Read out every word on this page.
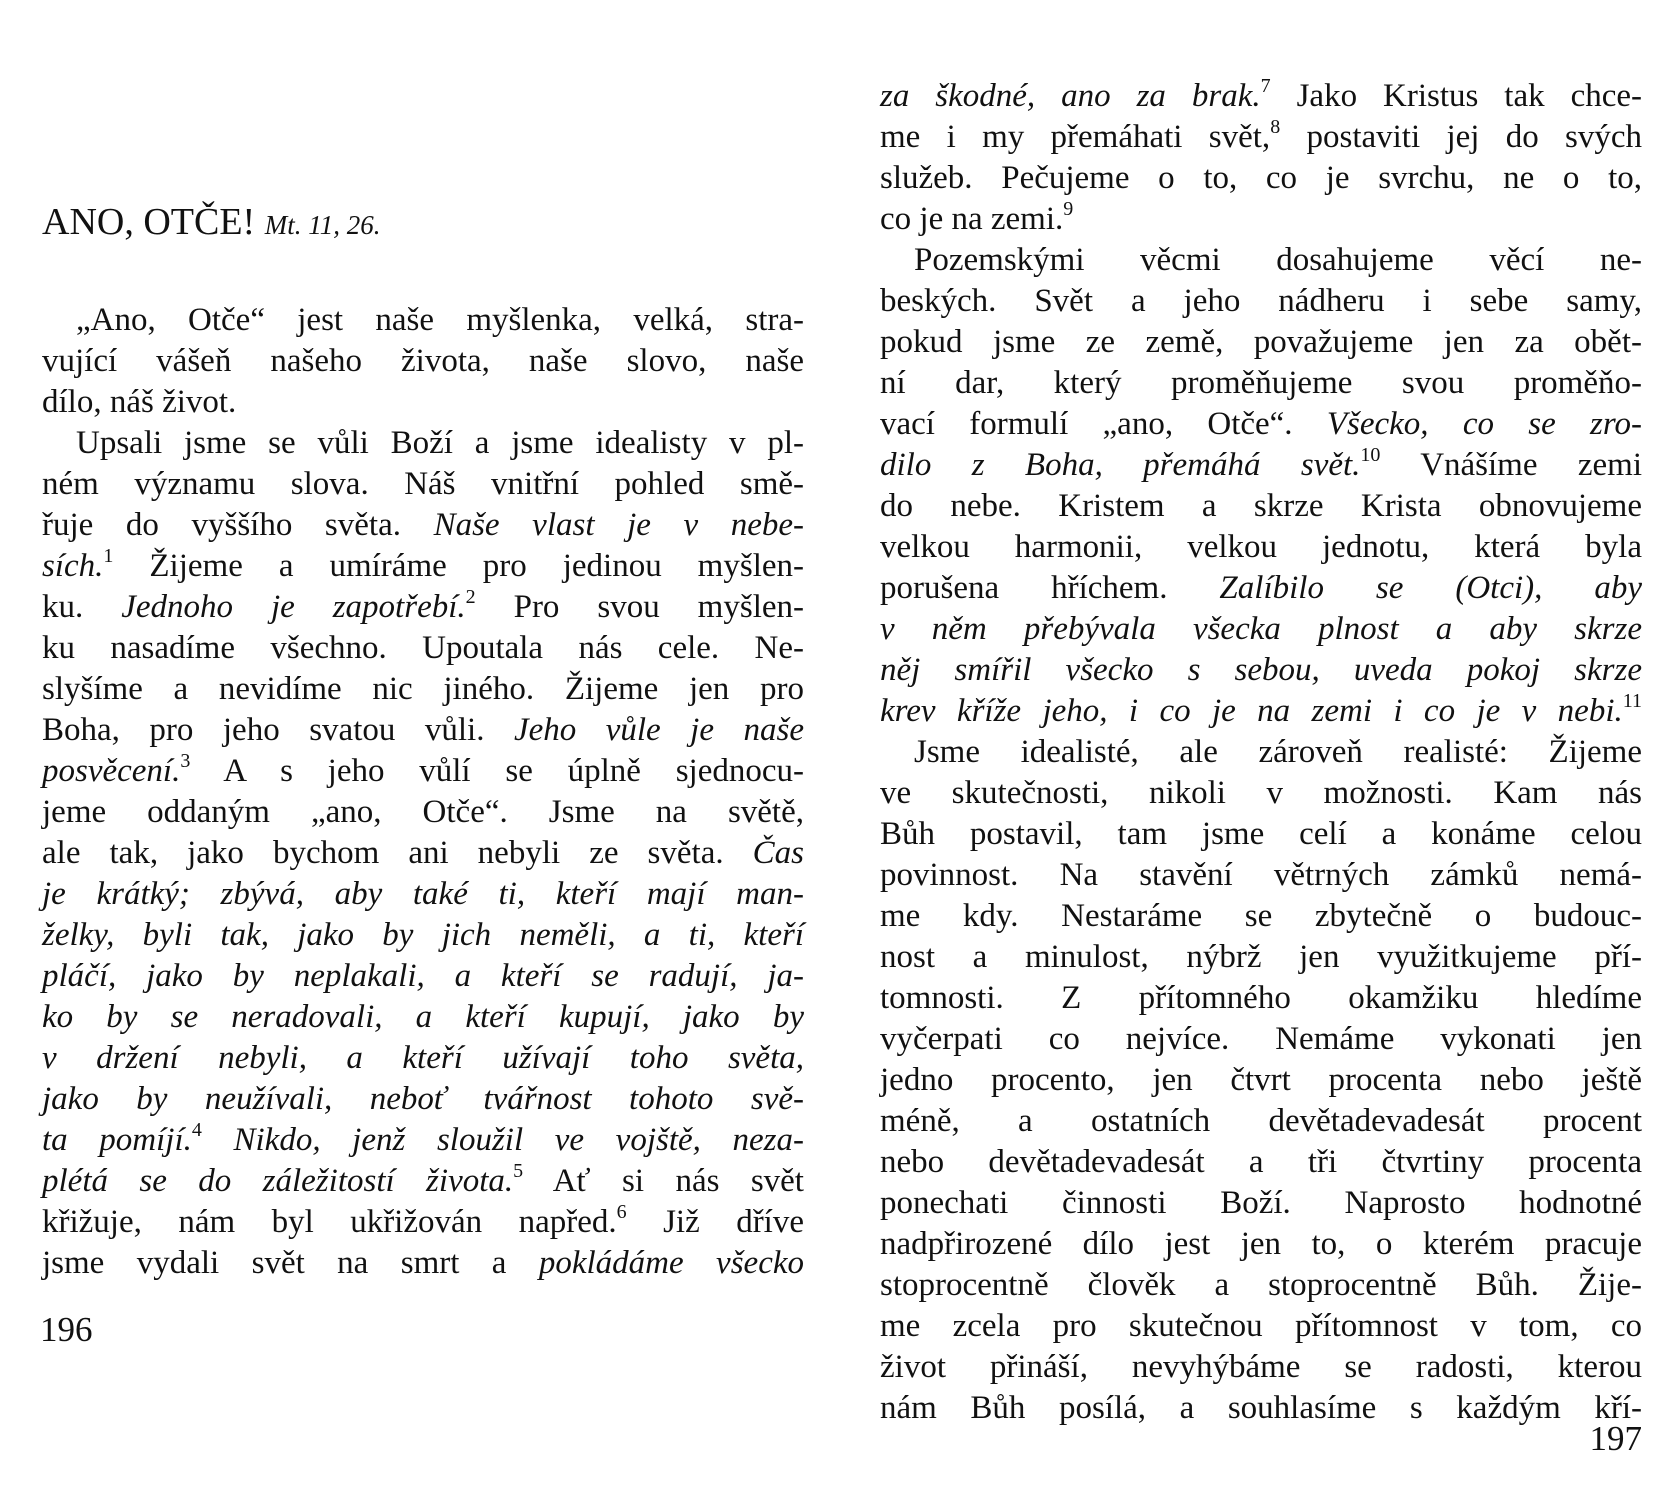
ANO, OTČE! Mt. 11, 26.
„Ano, Otče“ jest naše myšlenka, velká, stra-
vující vášeň našeho života, naše slovo, naše
dílo, náš život.
Upsali jsme se vůli Boží a jsme idealisty v pl-
ném významu slova. Náš vnitřní pohled smě-
řuje do vyššího světa. Naše vlast je v nebe-
sích.$^1$ Žijeme a umíráme pro jedinou myšlen-
ku. Jednoho je zapotřebí.$^2$ Pro svou myšlen-
ku nasadíme všechno. Upoutala nás cele. Ne-
slyšíme a nevidíme nic jiného. Žijeme jen pro
Boha, pro jeho svatou vůli. Jeho vůle je naše
posvěcení.$^3$ A s jeho vůlí se úplně sjednocu-
jeme oddaným „ano, Otče“. Jsme na světě,
ale tak, jako bychom ani nebyli ze světa. Čas
je krátký; zbývá, aby také ti, kteří mají man-
želky, byli tak, jako by jich neměli, a ti, kteří
pláčí, jako by neplakali, a kteří se radují, ja-
ko by se neradovali, a kteří kupují, jako by
v držení nebyli, a kteří užívají toho světa,
jako by neužívali, neboť tvářnost tohoto svě-
ta pomíjí.$^4$ Nikdo, jenž sloužil ve vojště, neza-
plétá se do záležitostí života.$^5$ Ať si nás svět
křižuje, nám byl ukřižován napřed.$^6$ Již dříve
jsme vydali svět na smrt a pokládáme všecko
196
za škodné, ano za brak.$^7$ Jako Kristus tak chce-
me i my přemáhati svět,$^8$ postaviti jej do svých
služeb. Pečujeme o to, co je svrchu, ne o to,
co je na zemi.$^9$
Pozemskými věcmi dosahujeme věcí ne-
beských. Svět a jeho nádheru i sebe samy,
pokud jsme ze země, považujeme jen za obět-
ní dar, který proměňujeme svou proměňo-
vací formulí „ano, Otče“. Všecko, co se zro-
dilo z Boha, přemáhá svět.$^{10}$ Vnášíme zemi
do nebe. Kristem a skrze Krista obnovujeme
velkou harmonii, velkou jednotu, která byla
porušena hříchem. Zalíbilo se (Otci), aby
v něm přebývala všecka plnost a aby skrze
něj smířil všecko s sebou, uveda pokoj skrze
krev kříže jeho, i co je na zemi i co je v nebi.$^{11}$
Jsme idealisté, ale zároveň realisté: Žijeme
ve skutečnosti, nikoli v možnosti. Kam nás
Bůh postavil, tam jsme celí a konáme celou
povinnost. Na stavění větrných zámků nemá-
me kdy. Nestaráme se zbytečně o budouc-
nost a minulost, nýbrž jen využitkujeme pří-
tomnosti. Z přítomného okamžiku hledíme
vyčerpati co nejvíce. Nemáme vykonati jen
jedno procento, jen čtvrt procenta nebo ještě
méně, a ostatních devětadevadesát procent
nebo devětadevadesát a tři čtvrtiny procenta
ponechati činnosti Boží. Naprosto hodnotné
nadpřirozené dílo jest jen to, o kterém pracuje
stoprocentně člověk a stoprocentně Bůh. Žije-
me zcela pro skutečnou přítomnost v tom, co
život přináší, nevyhýbáme se radosti, kterou
nám Bůh posílá, a souhlasíme s každým kří-
197
